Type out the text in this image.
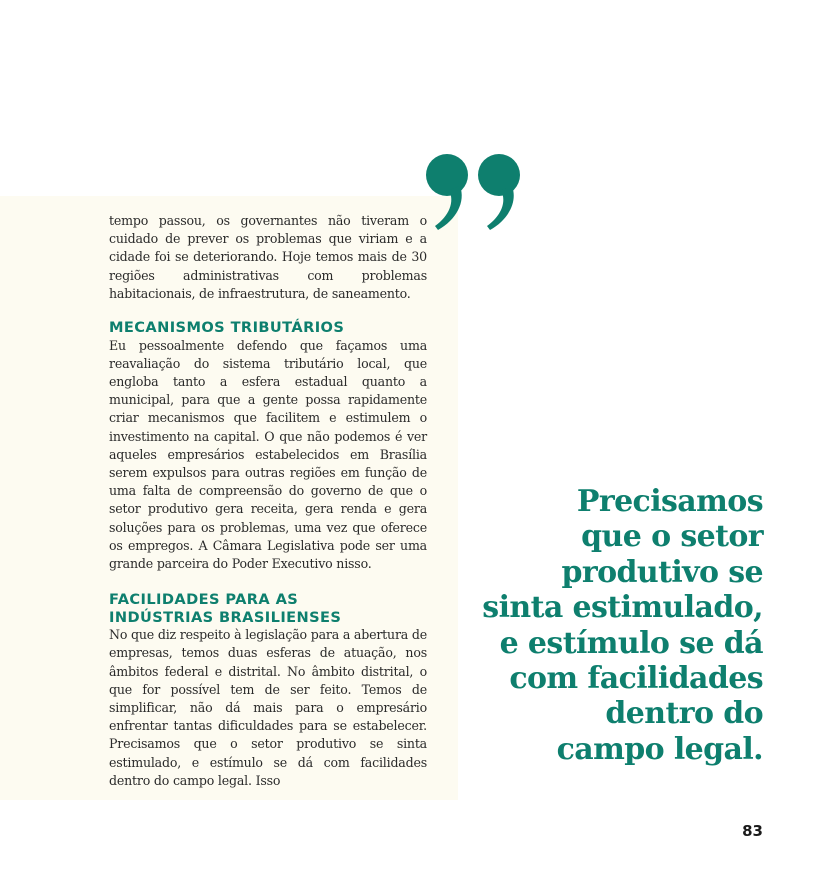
tempo passou, os governantes não tiveram o cuidado de prever os problemas que viriam e a cidade foi se deteriorando. Hoje temos mais de 30 regiões administrativas com problemas habitacionais, de infraestrutura, de saneamento.

MECANISMOS TRIBUTÁRIOS

Eu pessoalmente defendo que façamos uma reavaliação do sistema tributário local, que engloba tanto a esfera estadual quanto a municipal, para que a gente possa rapidamente criar mecanismos que facilitem e estimulem o investimento na capital. O que não podemos é ver aqueles empresários estabelecidos em Brasília serem expulsos para outras regiões em função de uma falta de compreensão do governo de que o setor produtivo gera receita, gera renda e gera soluções para os problemas, uma vez que oferece os empregos. A Câmara Legislativa pode ser uma grande parceira do Poder Executivo nisso.

FACILIDADES PARA AS
INDÚSTRIAS BRASILIENSES

No que diz respeito à legislação para a abertura de empresas, temos duas esferas de atuação, nos âmbitos federal e distrital. No âmbito distrital, o que for possível tem de ser feito. Temos de simplificar, não dá mais para o empresário enfrentar tantas dificuldades para se estabelecer. Precisamos que o setor produtivo se sinta estimulado, e estímulo se dá com facilidades dentro do campo legal. Isso

Precisamos
que o setor
produtivo se
sinta estimulado,
e estímulo se dá
com facilidades
dentro do
campo legal.
83
